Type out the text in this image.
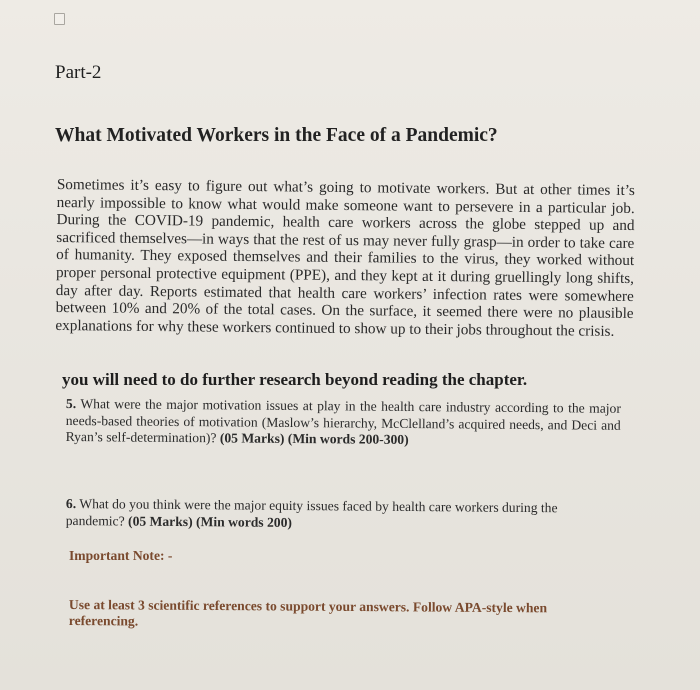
Part-2
What Motivated Workers in the Face of a Pandemic?

Sometimes it’s easy to figure out what’s going to motivate workers. But at other times it’s nearly impossible to know what would make someone want to persevere in a particular job. During the COVID-19 pandemic, health care workers across the globe stepped up and sacrificed themselves—in ways that the rest of us may never fully grasp—in order to take care of humanity. They exposed themselves and their families to the virus, they worked without proper personal protective equipment (PPE), and they kept at it during gruellingly long shifts, day after day. Reports estimated that health care workers’ infection rates were somewhere between 10% and 20% of the total cases. On the surface, it seemed there were no plausible explanations for why these workers continued to show up to their jobs throughout the crisis.

you will need to do further research beyond reading the chapter.

5. What were the major motivation issues at play in the health care industry according to the major needs-based theories of motivation (Maslow’s hierarchy, McClelland’s acquired needs, and Deci and Ryan’s self-determination)? (05 Marks) (Min words 200-300)

6. What do you think were the major equity issues faced by health care workers during the pandemic? (05 Marks) (Min words 200)

Important Note: -

Use at least 3 scientific references to support your answers. Follow APA-style when referencing.
